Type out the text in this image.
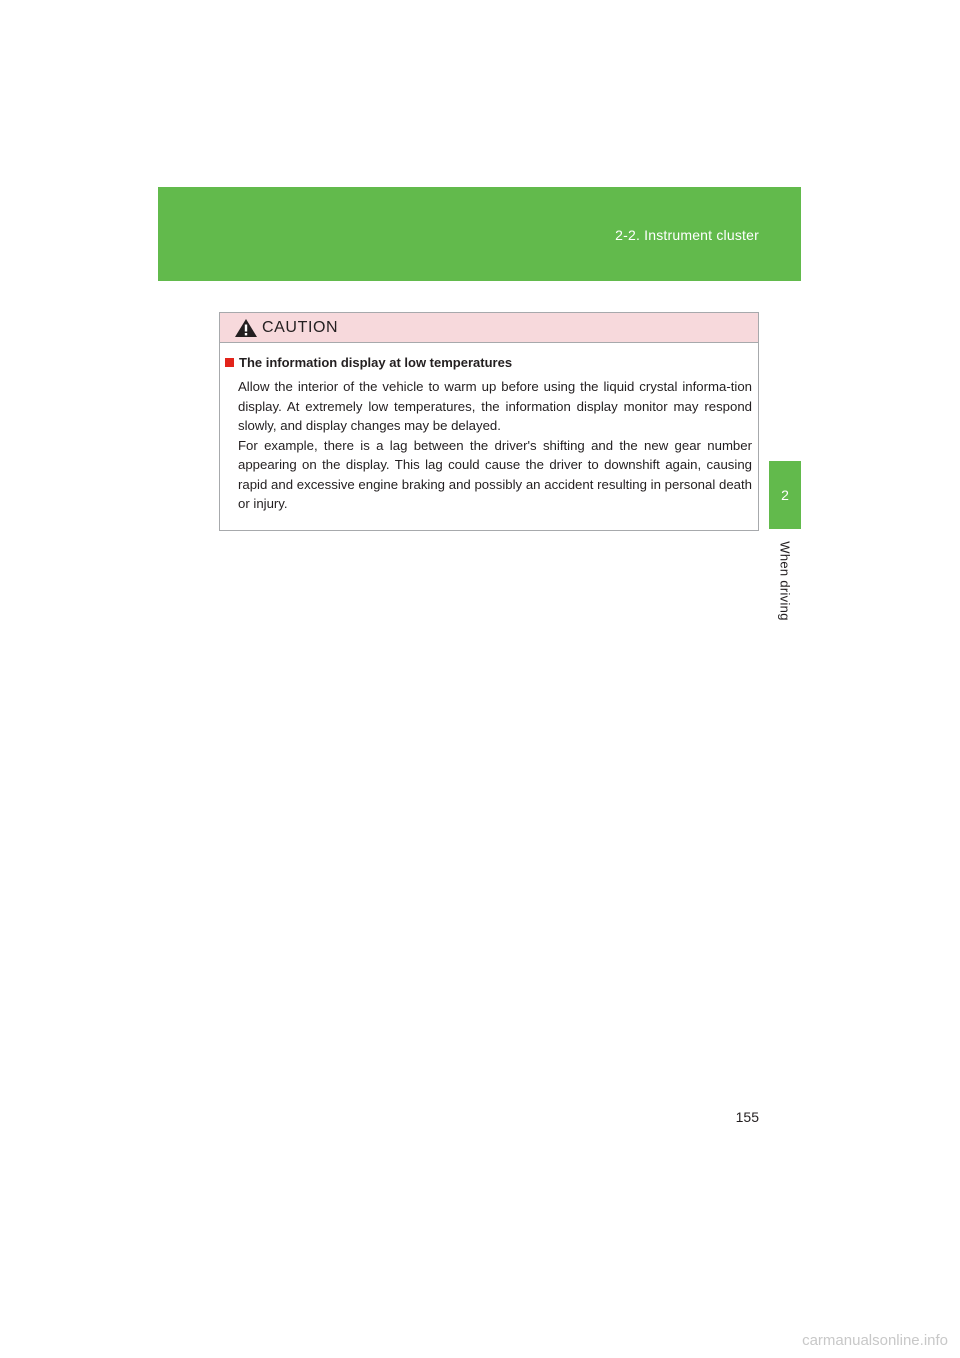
2-2. Instrument cluster
2
When driving
CAUTION
The information display at low temperatures

Allow the interior of the vehicle to warm up before using the liquid crystal informa-tion display. At extremely low temperatures, the information display monitor may respond slowly, and display changes may be delayed.

For example, there is a lag between the driver's shifting and the new gear number appearing on the display. This lag could cause the driver to downshift again, causing rapid and excessive engine braking and possibly an accident resulting in personal death or injury.

155
carmanualsonline.info
